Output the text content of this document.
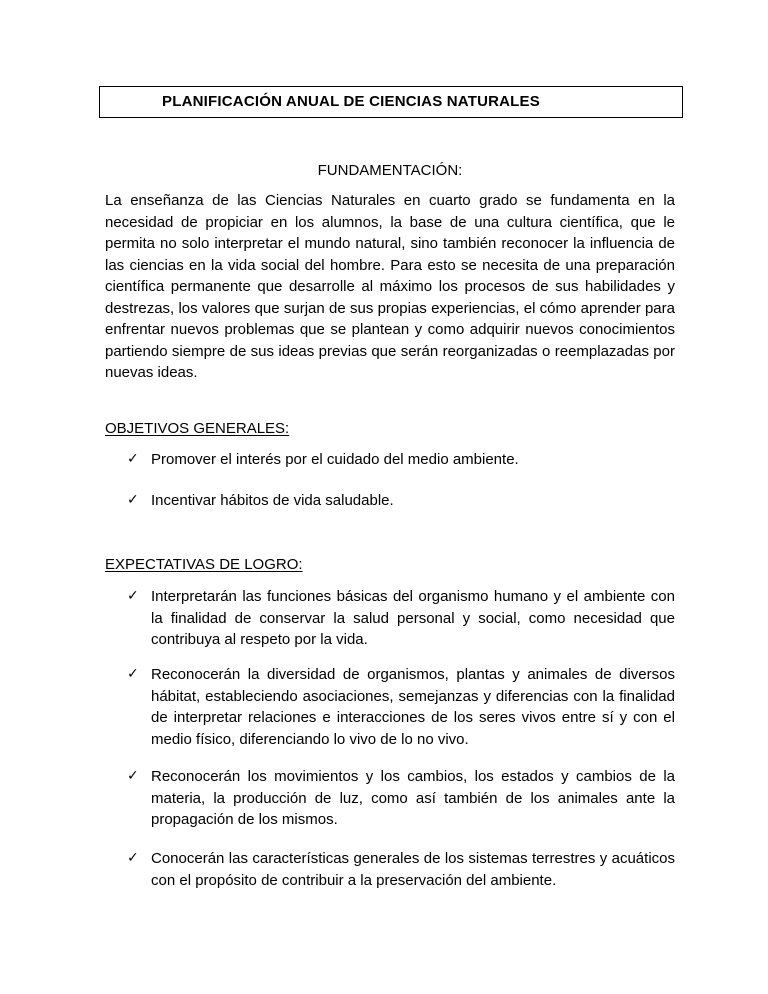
PLANIFICACIÓN ANUAL DE CIENCIAS NATURALES
FUNDAMENTACIÓN:
La enseñanza de las Ciencias Naturales en cuarto grado se fundamenta en la necesidad de propiciar en los alumnos, la base de una cultura científica, que le permita no solo interpretar el mundo natural, sino también reconocer la influencia de las ciencias en la vida social del hombre. Para esto se necesita de una preparación científica permanente que desarrolle al máximo los procesos de sus habilidades y destrezas, los valores que surjan de sus propias experiencias, el cómo aprender para enfrentar nuevos problemas que se plantean y como adquirir nuevos conocimientos partiendo siempre de sus ideas previas que serán reorganizadas o reemplazadas por nuevas ideas.
OBJETIVOS GENERALES:
✓ Promover el interés por el cuidado del medio ambiente.
✓ Incentivar hábitos de vida saludable.
EXPECTATIVAS DE LOGRO:
✓ Interpretarán las funciones básicas del organismo humano y el ambiente con la finalidad de conservar la salud personal y social, como necesidad que contribuya al respeto por la vida.
✓ Reconocerán la diversidad de organismos, plantas y animales de diversos hábitat, estableciendo asociaciones, semejanzas y diferencias con la finalidad de interpretar relaciones e interacciones de los seres vivos entre sí y con el medio físico, diferenciando lo vivo de lo no vivo.
✓ Reconocerán los movimientos y los cambios, los estados y cambios de la materia, la producción de luz, como así también de los animales ante la propagación de los mismos.
✓ Conocerán las características generales de los sistemas terrestres y acuáticos con el propósito de contribuir a la preservación del ambiente.
